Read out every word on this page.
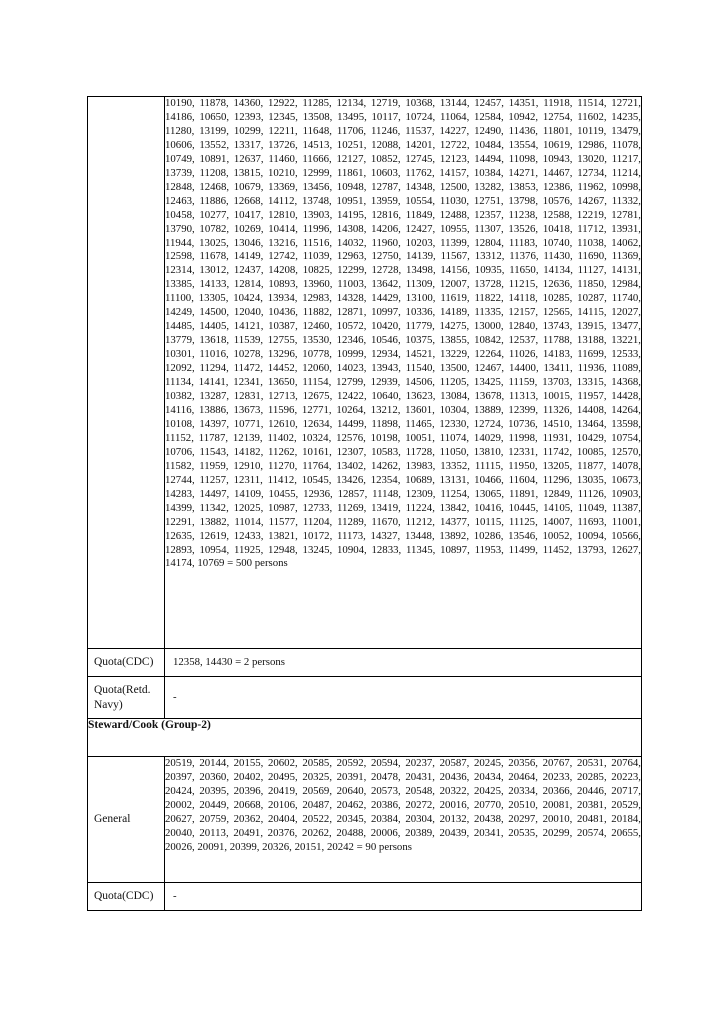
	10190, 11878, 14360, 12922, 11285, 12134, 12719, 10368, 13144, 12457, 14351, 11918, 11514, 12721, 14186, 10650, 12393, 12345, 13508, 13495, 10117, 10724, 11064, 12584, 10942, 12754, 11602, 14235, 11280, 13199, 10299, 12211, 11648, 11706, 11246, 11537, 14227, 12490, 11436, 11801, 10119, 13479, 10606, 13552, 13317, 13726, 14513, 10251, 12088, 14201, 12722, 10484, 13554, 10619, 12986, 11078, 10749, 10891, 12637, 11460, 11666, 12127, 10852, 12745, 12123, 14494, 11098, 10943, 13020, 11217, 13739, 11208, 13815, 10210, 12999, 11861, 10603, 11762, 14157, 10384, 14271, 14467, 12734, 11214, 12848, 12468, 10679, 13369, 13456, 10948, 12787, 14348, 12500, 13282, 13853, 12386, 11962, 10998, 12463, 11886, 12668, 14112, 13748, 10951, 13959, 10554, 11030, 12751, 13798, 10576, 14267, 11332, 10458, 10277, 10417, 12810, 13903, 14195, 12816, 11849, 12488, 12357, 11238, 12588, 12219, 12781, 13790, 10782, 10269, 10414, 11996, 14308, 14206, 12427, 10955, 11307, 13526, 10418, 11712, 13931, 11944, 13025, 13046, 13216, 11516, 14032, 11960, 10203, 11399, 12804, 11183, 10740, 11038, 14062, 12598, 11678, 14149, 12742, 11039, 12963, 12750, 14139, 11567, 13312, 11376, 11430, 11690, 11369, 12314, 13012, 12437, 14208, 10825, 12299, 12728, 13498, 14156, 10935, 11650, 14134, 11127, 14131, 13385, 14133, 12814, 10893, 13960, 11003, 13642, 11309, 12007, 13728, 11215, 12636, 11850, 12984, 11100, 13305, 10424, 13934, 12983, 14328, 14429, 13100, 11619, 11822, 14118, 10285, 10287, 11740, 14249, 14500, 12040, 10436, 11882, 12871, 10997, 10336, 14189, 11335, 12157, 12565, 14115, 12027, 14485, 14405, 14121, 10387, 12460, 10572, 10420, 11779, 14275, 13000, 12840, 13743, 13915, 13477, 13779, 13618, 11539, 12755, 13530, 12346, 10546, 10375, 13855, 10842, 12537, 11788, 13188, 13221, 10301, 11016, 10278, 13296, 10778, 10999, 12934, 14521, 13229, 12264, 11026, 14183, 11699, 12533, 12092, 11294, 11472, 14452, 12060, 14023, 13943, 11540, 13500, 12467, 14400, 13411, 11936, 11089, 11134, 14141, 12341, 13650, 11154, 12799, 12939, 14506, 11205, 13425, 11159, 13703, 13315, 14368, 10382, 13287, 12831, 12713, 12675, 12422, 10640, 13623, 13084, 13678, 11313, 10015, 11957, 14428, 14116, 13886, 13673, 11596, 12771, 10264, 13212, 13601, 10304, 13889, 12399, 11326, 14408, 14264, 10108, 14397, 10771, 12610, 12634, 14499, 11898, 11465, 12330, 12724, 10736, 14510, 13464, 13598, 11152, 11787, 12139, 11402, 10324, 12576, 10198, 10051, 11074, 14029, 11998, 11931, 10429, 10754, 10706, 11543, 14182, 11262, 10161, 12307, 10583, 11728, 11050, 13810, 12331, 11742, 10085, 12570, 11582, 11959, 12910, 11270, 11764, 13402, 14262, 13983, 13352, 11115, 11950, 13205, 11877, 14078, 12744, 11257, 12311, 11412, 10545, 13426, 12354, 10689, 13131, 10466, 11604, 11296, 13035, 10673, 14283, 14497, 14109, 10455, 12936, 12857, 11148, 12309, 11254, 13065, 11891, 12849, 11126, 10903, 14399, 11342, 12025, 10987, 12733, 11269, 13419, 11224, 13842, 10416, 10445, 14105, 11049, 11387, 12291, 13882, 11014, 11577, 11204, 11289, 11670, 11212, 14377, 10115, 11125, 14007, 11693, 11001, 12635, 12619, 12433, 13821, 10172, 11173, 14327, 13448, 13892, 10286, 13546, 10052, 10094, 10566, 12893, 10954, 11925, 12948, 13245, 10904, 12833, 11345, 10897, 11953, 11499, 11452, 13793, 12627, 14174, 10769 = 500 persons
Quota(CDC)	12358, 14430 = 2 persons
Quota(Retd. Navy)	-
Steward/Cook (Group-2)	
General	20519, 20144, 20155, 20602, 20585, 20592, 20594, 20237, 20587, 20245, 20356, 20767, 20531, 20764, 20397, 20360, 20402, 20495, 20325, 20391, 20478, 20431, 20436, 20434, 20464, 20233, 20285, 20223, 20424, 20395, 20396, 20419, 20569, 20640, 20573, 20548, 20322, 20425, 20334, 20366, 20446, 20717, 20002, 20449, 20668, 20106, 20487, 20462, 20386, 20272, 20016, 20770, 20510, 20081, 20381, 20529, 20627, 20759, 20362, 20404, 20522, 20345, 20384, 20304, 20132, 20438, 20297, 20010, 20481, 20184, 20040, 20113, 20491, 20376, 20262, 20488, 20006, 20389, 20439, 20341, 20535, 20299, 20574, 20655, 20026, 20091, 20399, 20326, 20151, 20242 = 90 persons
Quota(CDC)	-
